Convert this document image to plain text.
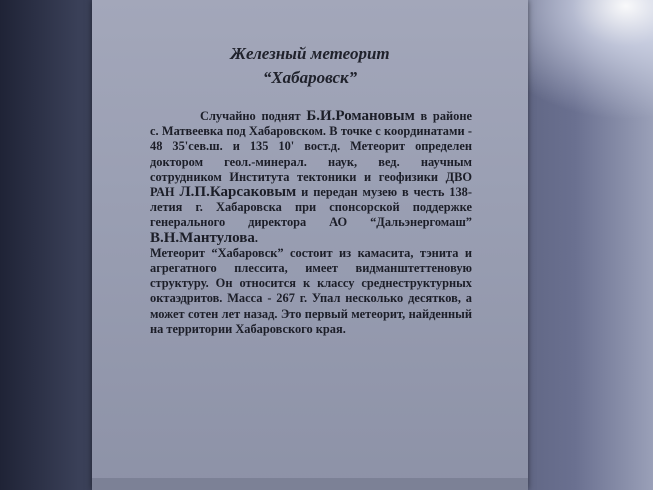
Железный метеорит
“Хабаровск”

Случайно поднят Б.И.Романовым в районе с. Матвеевка под Хабаровском. В точке с координатами - 48 35'сев.ш. и 135 10' вост.д. Метеорит определен доктором геол.-минерал. наук, вед. научным сотрудником Института тектоники и геофизики ДВО РАН Л.П.Карсаковым и передан музею в честь 138-летия г. Хабаровска при спонсорской поддержке генерального директора АО “Дальэнергомаш” В.Н.Мантулова.

Метеорит “Хабаровск” состоит из камасита, тэнита и агрегатного плессита, имеет видманштеттеновую структуру. Он относится к классу среднеструктурных октаэдритов. Масса - 267 г. Упал несколько десятков, а может сотен лет назад. Это первый метеорит, найденный на территории Хабаровского края.
